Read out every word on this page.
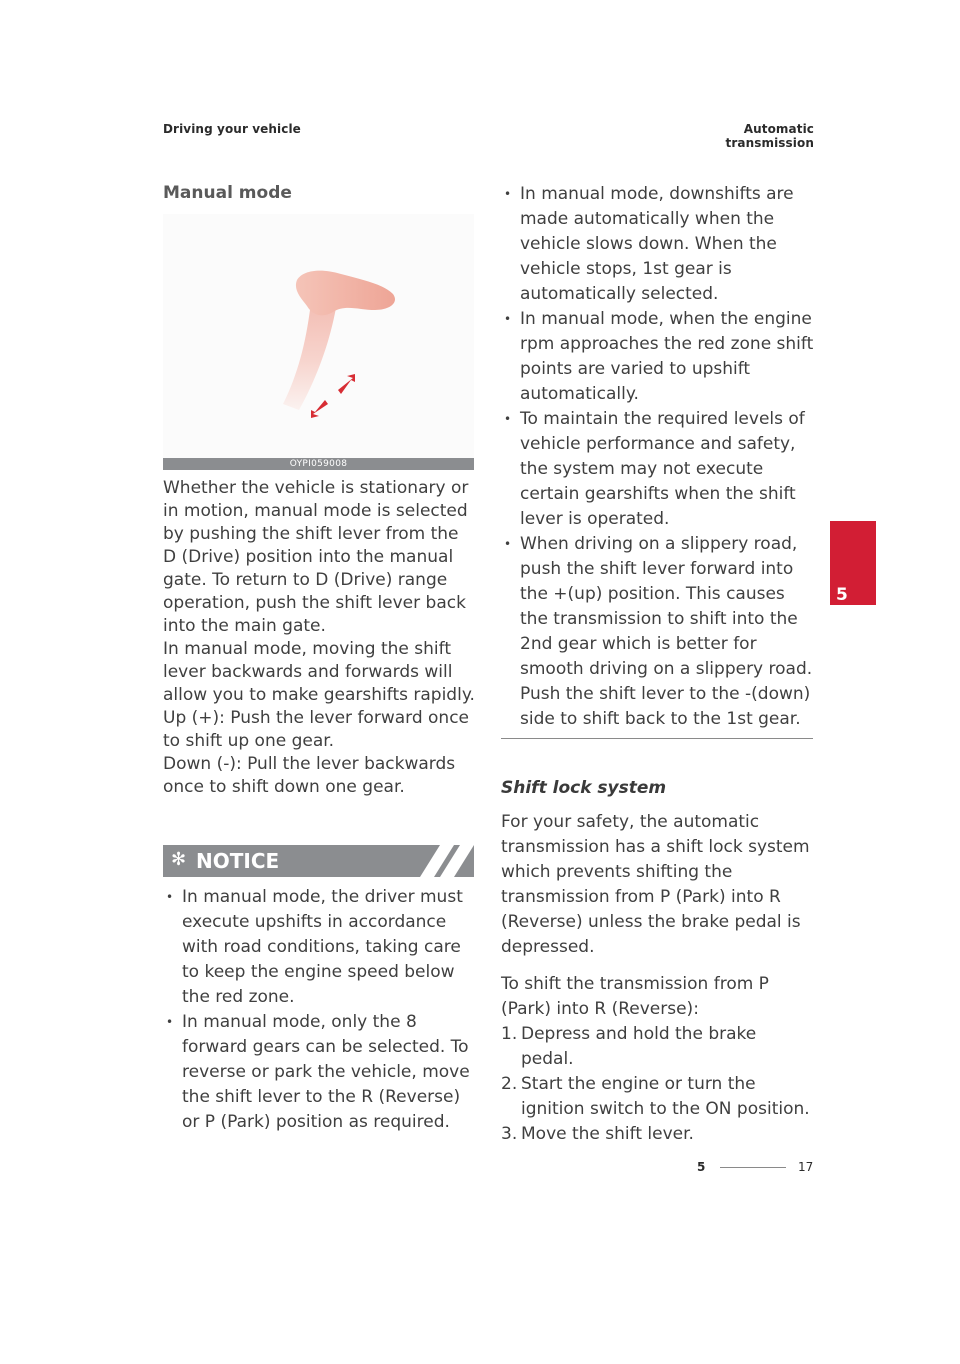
Driving your vehicle	Automatic transmission
5
Manual mode
OYPI059008

Whether the vehicle is stationary or in motion, manual mode is selected by pushing the shift lever from the D (Drive) position into the manual gate. To return to D (Drive) range operation, push the shift lever back into the main gate.

In manual mode, moving the shift lever backwards and forwards will allow you to make gearshifts rapidly.

Up (+): Push the lever forward once to shift up one gear.

Down (-): Pull the lever backwards once to shift down one gear.

✻ NOTICE
• In manual mode, the driver must execute upshifts in accordance with road conditions, taking care to keep the engine speed below the red zone.
• In manual mode, only the 8 forward gears can be selected. To reverse or park the vehicle, move the shift lever to the R (Reverse) or P (Park) position as required.
• In manual mode, downshifts are made automatically when the vehicle slows down. When the vehicle stops, 1st gear is automatically selected.
• In manual mode, when the engine rpm approaches the red zone shift points are varied to upshift automatically.
• To maintain the required levels of vehicle performance and safety, the system may not execute certain gearshifts when the shift lever is operated.
• When driving on a slippery road, push the shift lever forward into the +(up) position. This causes the transmission to shift into the 2nd gear which is better for smooth driving on a slippery road. Push the shift lever to the -(down) side to shift back to the 1st gear.
Shift lock system
For your safety, the automatic transmission has a shift lock system which prevents shifting the transmission from P (Park) into R (Reverse) unless the brake pedal is depressed.
To shift the transmission from P (Park) into R (Reverse):
1. Depress and hold the brake pedal.
2. Start the engine or turn the ignition switch to the ON position.
3. Move the shift lever.
5	17
